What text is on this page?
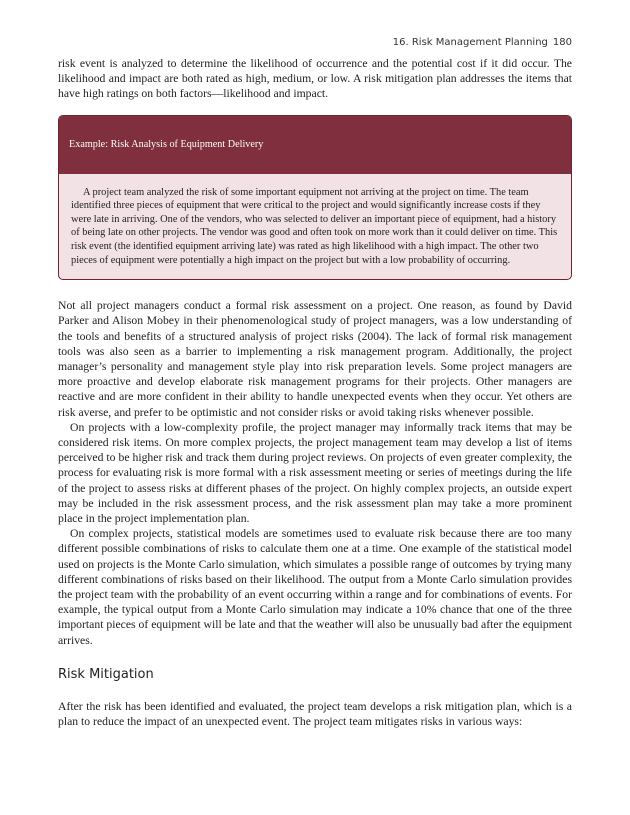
16. Risk Management Planning 180

risk event is analyzed to determine the likelihood of occurrence and the potential cost if it did occur. The likelihood and impact are both rated as high, medium, or low. A risk mitigation plan addresses the items that have high ratings on both factors—likelihood and impact.

Example: Risk Analysis of Equipment Delivery
A project team analyzed the risk of some important equipment not arriving at the project on time. The team identified three pieces of equipment that were critical to the project and would significantly increase costs if they were late in arriving. One of the vendors, who was selected to deliver an important piece of equipment, had a history of being late on other projects. The vendor was good and often took on more work than it could deliver on time. This risk event (the identified equipment arriving late) was rated as high likelihood with a high impact. The other two pieces of equipment were potentially a high impact on the project but with a low probability of occurring.

Not all project managers conduct a formal risk assessment on a project. One reason, as found by David Parker and Alison Mobey in their phenomenological study of project managers, was a low understanding of the tools and benefits of a structured analysis of project risks (2004). The lack of formal risk management tools was also seen as a barrier to implementing a risk management program. Additionally, the project manager’s personality and management style play into risk preparation levels. Some project managers are more proactive and develop elaborate risk management programs for their projects. Other managers are reactive and are more confident in their ability to handle unexpected events when they occur. Yet others are risk averse, and prefer to be optimistic and not consider risks or avoid taking risks whenever possible.

On projects with a low-complexity profile, the project manager may informally track items that may be considered risk items. On more complex projects, the project management team may develop a list of items perceived to be higher risk and track them during project reviews. On projects of even greater complexity, the process for evaluating risk is more formal with a risk assessment meeting or series of meetings during the life of the project to assess risks at different phases of the project. On highly complex projects, an outside expert may be included in the risk assessment process, and the risk assessment plan may take a more prominent place in the project implementation plan.

On complex projects, statistical models are sometimes used to evaluate risk because there are too many different possible combinations of risks to calculate them one at a time. One example of the statistical model used on projects is the Monte Carlo simulation, which simulates a possible range of outcomes by trying many different combinations of risks based on their likelihood. The output from a Monte Carlo simulation provides the project team with the probability of an event occurring within a range and for combinations of events. For example, the typical output from a Monte Carlo simulation may indicate a 10% chance that one of the three important pieces of equipment will be late and that the weather will also be unusually bad after the equipment arrives.

Risk Mitigation

After the risk has been identified and evaluated, the project team develops a risk mitigation plan, which is a plan to reduce the impact of an unexpected event. The project team mitigates risks in various ways:
